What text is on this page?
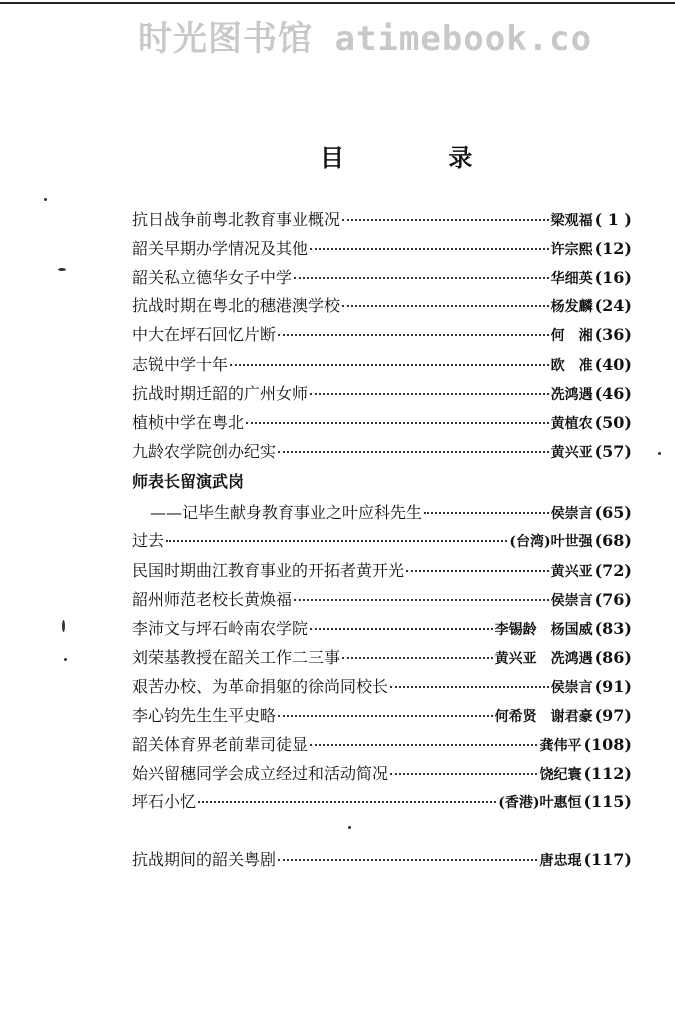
时光图书馆 atimebook.co
目 录
抗日战争前粤北教育事业概况	梁观福 ( 1 )
韶关早期办学情况及其他	许宗熙 (12)
韶关私立德华女子中学	华细英 (16)
抗战时期在粤北的穗港澳学校	杨发麟 (24)
中大在坪石回忆片断	何　湘 (36)
志锐中学十年	欧　准 (40)
抗战时期迁韶的广州女师	冼鸿遇 (46)
植桢中学在粤北	黄植农 (50)
九龄农学院创办纪实	黄兴亚 (57)
师表长留演武岗
——记毕生献身教育事业之叶应科先生	侯崇言 (65)
过去	(台湾)叶世强 (68)
民国时期曲江教育事业的开拓者黄开光	黄兴亚 (72)
韶州师范老校长黄焕福	侯崇言 (76)
李沛文与坪石岭南农学院	李锡龄　杨国威 (83)
刘荣基教授在韶关工作二三事	黄兴亚　冼鸿遇 (86)
艰苦办校、为革命捐躯的徐尚同校长	侯崇言 (91)
李心钧先生生平史略	何希贤　谢君豪 (97)
韶关体育界老前辈司徒显	龚伟平 (108)
始兴留穗同学会成立经过和活动简况	饶纪寰 (112)
坪石小忆	(香港)叶惠恒 (115)
抗战期间的韶关粤剧	唐忠琨 (117)
